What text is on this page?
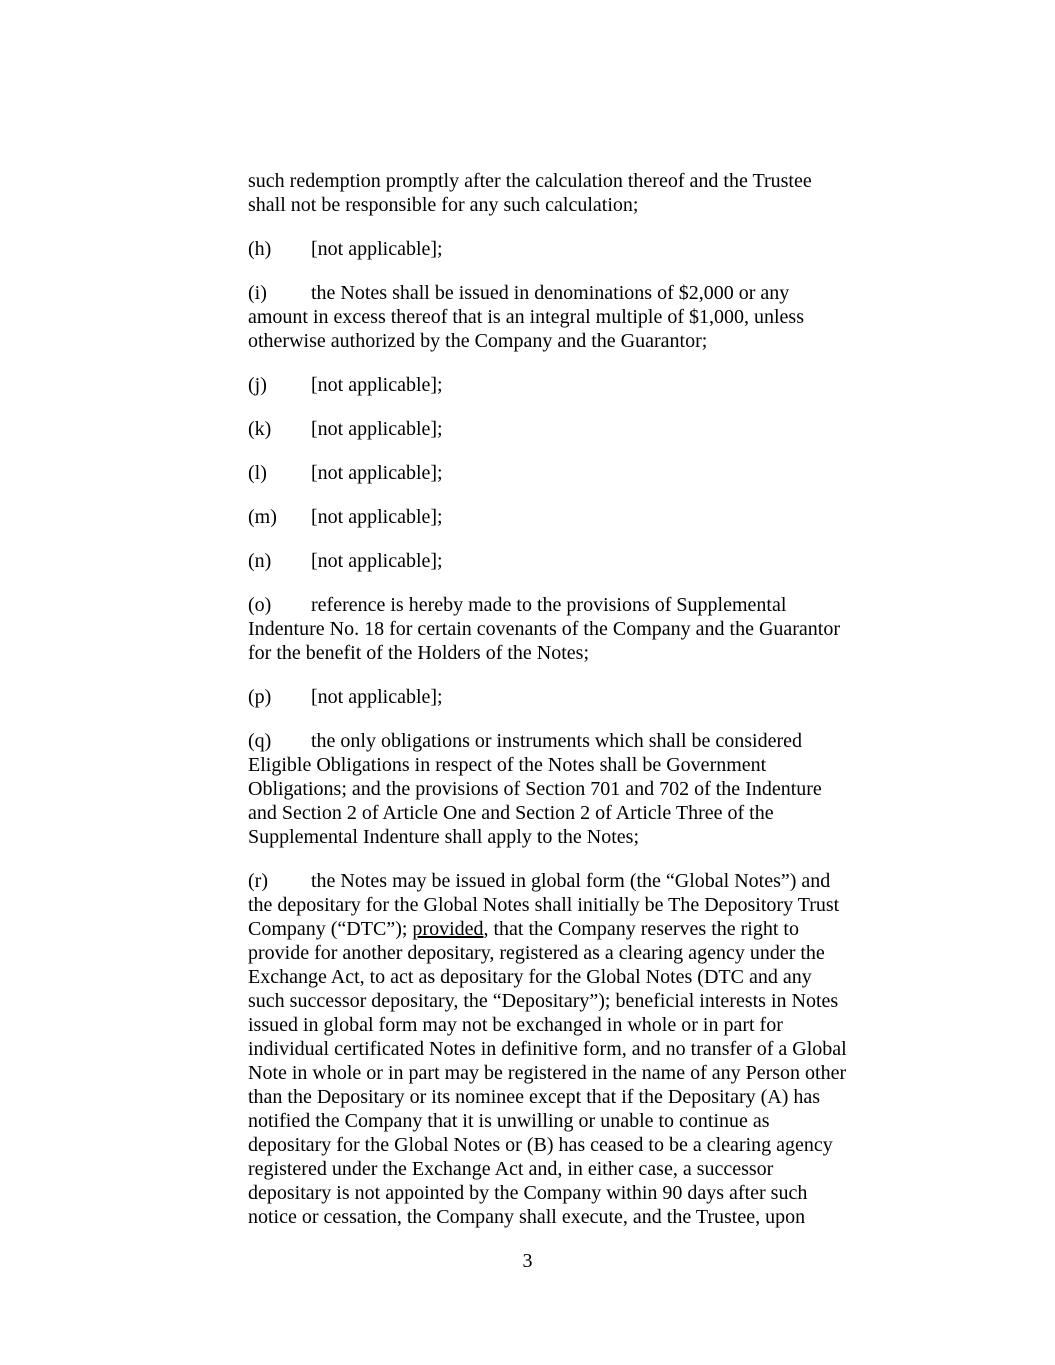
such redemption promptly after the calculation thereof and the Trustee
shall not be responsible for any such calculation;
(h) [not applicable];
(i) the Notes shall be issued in denominations of $2,000 or any
amount in excess thereof that is an integral multiple of $1,000, unless
otherwise authorized by the Company and the Guarantor;
(j) [not applicable];
(k) [not applicable];
(l) [not applicable];
(m) [not applicable];
(n) [not applicable];
(o) reference is hereby made to the provisions of Supplemental
Indenture No. 18 for certain covenants of the Company and the Guarantor
for the benefit of the Holders of the Notes;
(p) [not applicable];
(q) the only obligations or instruments which shall be considered
Eligible Obligations in respect of the Notes shall be Government
Obligations; and the provisions of Section 701 and 702 of the Indenture
and Section 2 of Article One and Section 2 of Article Three of the
Supplemental Indenture shall apply to the Notes;
(r) the Notes may be issued in global form (the “Global Notes”) and
the depositary for the Global Notes shall initially be The Depository Trust
Company (“DTC”); provided, that the Company reserves the right to
provide for another depositary, registered as a clearing agency under the
Exchange Act, to act as depositary for the Global Notes (DTC and any
such successor depositary, the “Depositary”); beneficial interests in Notes
issued in global form may not be exchanged in whole or in part for
individual certificated Notes in definitive form, and no transfer of a Global
Note in whole or in part may be registered in the name of any Person other
than the Depositary or its nominee except that if the Depositary (A) has
notified the Company that it is unwilling or unable to continue as
depositary for the Global Notes or (B) has ceased to be a clearing agency
registered under the Exchange Act and, in either case, a successor
depositary is not appointed by the Company within 90 days after such
notice or cessation, the Company shall execute, and the Trustee, upon
3
